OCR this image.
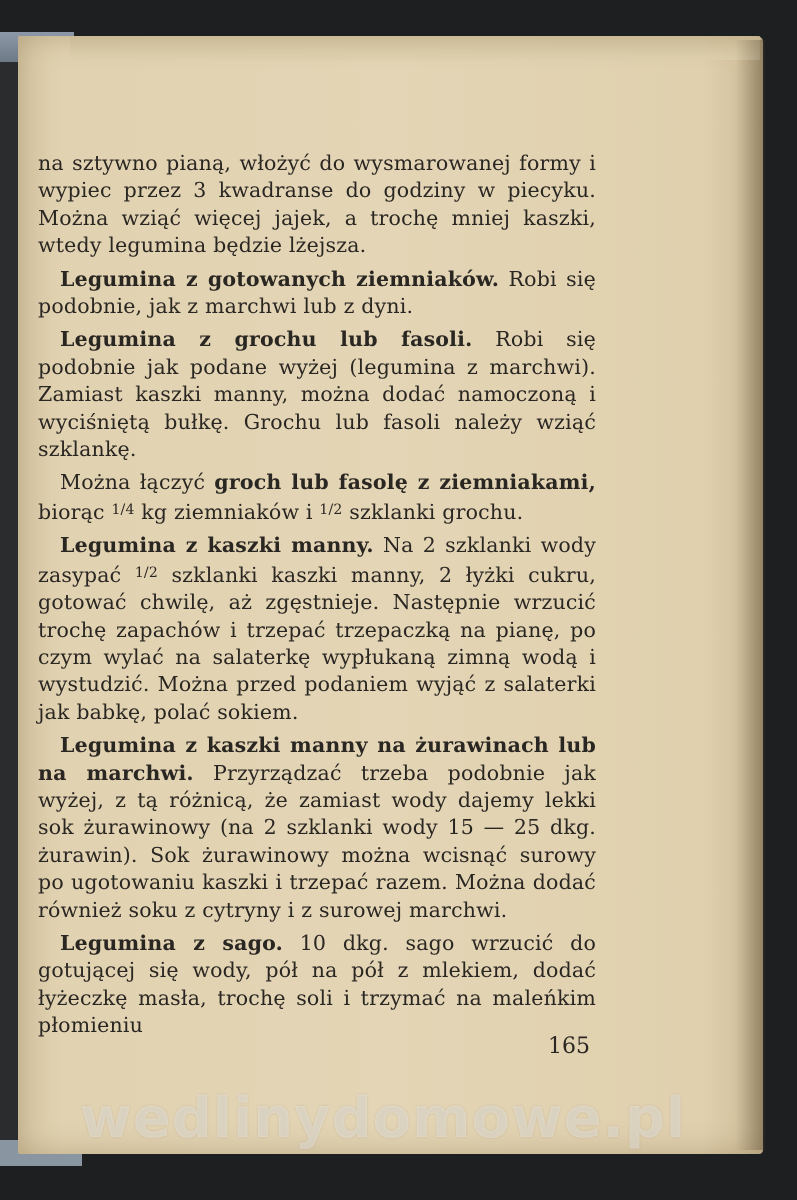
na sztywno pianą, włożyć do wysmarowanej formy i wypiec przez 3 kwadranse do godziny w piecyku. Można wziąć więcej jajek, a trochę mniej kaszki, wtedy legumina będzie lżejsza.

Legumina z gotowanych ziemniaków. Robi się podobnie, jak z marchwi lub z dyni.

Legumina z grochu lub fasoli. Robi się podobnie jak podane wyżej (legumina z marchwi). Zamiast kaszki manny, można dodać namoczoną i wyciśniętą bułkę. Grochu lub fasoli należy wziąć szklankę.

Można łączyć groch lub fasolę z ziemniakami, biorąc $^{1/4}$ kg ziemniaków i $^{1/2}$ szklanki grochu.

Legumina z kaszki manny. Na 2 szklanki wody zasypać $^{1/2}$ szklanki kaszki manny, 2 łyżki cukru, gotować chwilę, aż zgęstnieje. Następnie wrzucić trochę zapachów i trzepać trzepaczką na pianę, po czym wylać na salaterkę wypłukaną zimną wodą i wystudzić. Można przed podaniem wyjąć z salaterki jak babkę, polać sokiem.

Legumina z kaszki manny na żurawinach lub na marchwi. Przyrządzać trzeba podobnie jak wyżej, z tą różnicą, że zamiast wody dajemy lekki sok żurawinowy (na 2 szklanki wody 15 — 25 dkg. żurawin). Sok żurawinowy można wcisnąć surowy po ugotowaniu kaszki i trzepać razem. Można dodać również soku z cytryny i z surowej marchwi.

Legumina z sago. 10 dkg. sago wrzucić do gotującej się wody, pół na pół z mlekiem, dodać łyżeczkę masła, trochę soli i trzymać na maleńkim płomieniu

165
wedlinydomowe.pl
